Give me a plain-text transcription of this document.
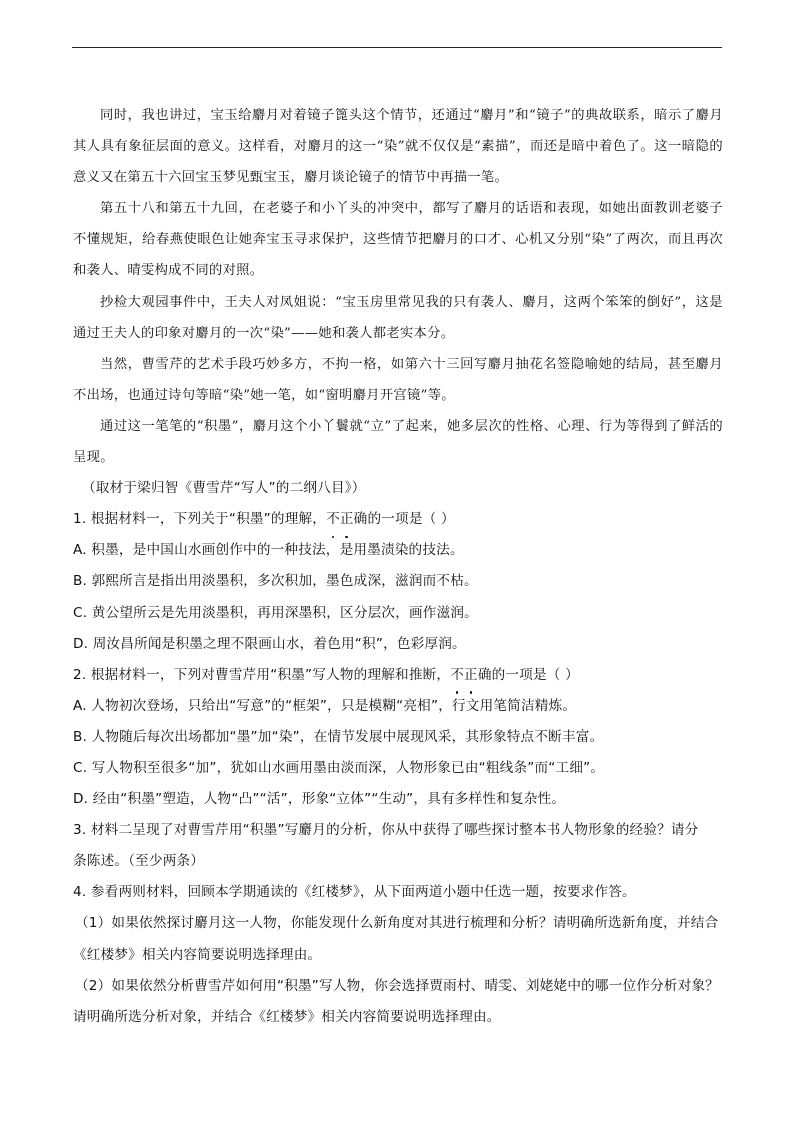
同时，我也讲过，宝玉给麝月对着镜子篦头这个情节，还通过“麝月”和“镜子”的典故联系，暗示了麝月其人具有象征层面的意义。这样看，对麝月的这一“染”就不仅仅是“素描”，而还是暗中着色了。这一暗隐的意义又在第五十六回宝玉梦见甄宝玉，麝月谈论镜子的情节中再描一笔。

第五十八和第五十九回，在老婆子和小丫头的冲突中，都写了麝月的话语和表现，如她出面教训老婆子不懂规矩，给春燕使眼色让她奔宝玉寻求保护，这些情节把麝月的口才、心机又分别“染”了两次，而且再次和袭人、晴雯构成不同的对照。

抄检大观园事件中，王夫人对凤姐说：“宝玉房里常见我的只有袭人、麝月，这两个笨笨的倒好”，这是通过王夫人的印象对麝月的一次“染”——她和袭人都老实本分。

当然，曹雪芹的艺术手段巧妙多方，不拘一格，如第六十三回写麝月抽花名签隐喻她的结局，甚至麝月不出场，也通过诗句等暗“染”她一笔，如“窗明麝月开宫镜”等。

通过这一笔笔的“积墨”，麝月这个小丫鬟就“立”了起来，她多层次的性格、心理、行为等得到了鲜活的呈现。

（取材于梁归智《曹雪芹“写人”的二纲八目》）

1. 根据材料一，下列关于“积墨”的理解，不正确的一项是（ ）

A. 积墨，是中国山水画创作中的一种技法，是用墨渍染的技法。

B. 郭熙所言是指出用淡墨积，多次积加，墨色成深，滋润而不枯。

C. 黄公望所云是先用淡墨积，再用深墨积，区分层次，画作滋润。

D. 周汝昌所闻是积墨之理不限画山水，着色用“积”，色彩厚润。

2. 根据材料一，下列对曹雪芹用“积墨”写人物的理解和推断，不正确的一项是（ ）

A. 人物初次登场，只给出“写意”的“框架”，只是模糊“亮相”，行文用笔简洁精炼。

B. 人物随后每次出场都加“墨”加“染”，在情节发展中展现风采，其形象特点不断丰富。

C. 写人物积至很多“加”，犹如山水画用墨由淡而深，人物形象已由“粗线条”而“工细”。

D. 经由“积墨”塑造，人物“凸”“活”，形象“立体”“生动”，具有多样性和复杂性。

3. 材料二呈现了对曹雪芹用“积墨”写麝月的分析，你从中获得了哪些探讨整本书人物形象的经验？请分

条陈述。（至少两条）

4. 参看两则材料，回顾本学期通读的《红楼梦》，从下面两道小题中任选一题，按要求作答。

（1）如果依然探讨麝月这一人物，你能发现什么新角度对其进行梳理和分析？请明确所选新角度，并结合

《红楼梦》相关内容简要说明选择理由。

（2）如果依然分析曹雪芹如何用“积墨”写人物，你会选择贾雨村、晴雯、刘姥姥中的哪一位作分析对象？

请明确所选分析对象，并结合《红楼梦》相关内容简要说明选择理由。
